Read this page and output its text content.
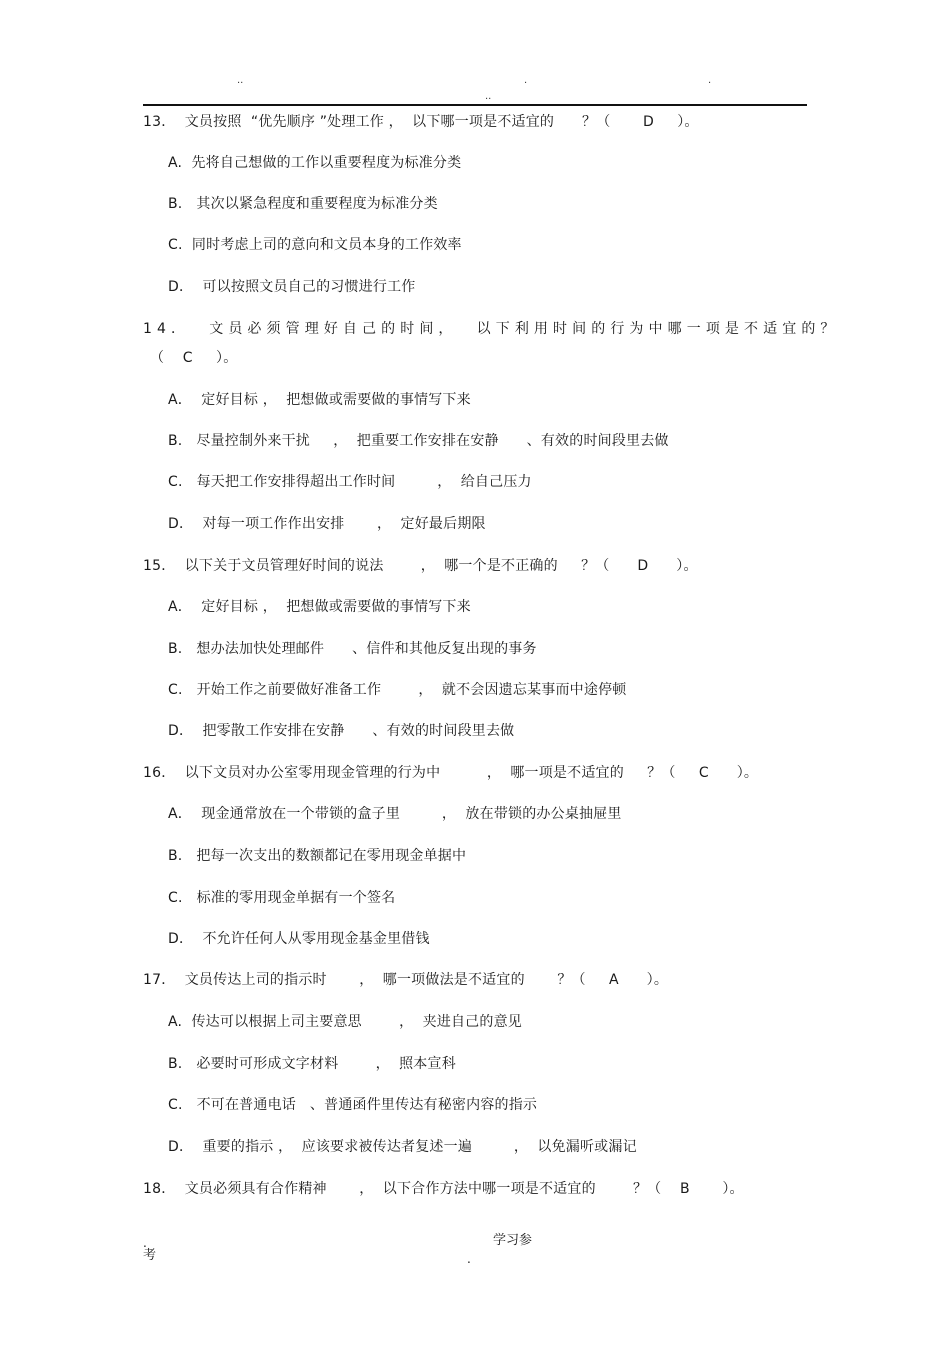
..	.	.
..
13．  文员按照  “优先顺序 ”处理工作 ，  以下哪一项是不适宜的      ？（       D     ）。
A.  先将自己想做的工作以重要程度为标准分类
B.   其次以紧急程度和重要程度为标准分类
C.  同时考虑上司的意向和文员本身的工作效率
D．  可以按照文员自己的习惯进行工作
14．  文员必须管理好自己的时间，  以下利用时间的行为中哪一项是不适宜的？
（    C     ）。
A．  定好目标 ，  把想做或需要做的事情写下来
B.   尽量控制外来干扰     ，  把重要工作安排在安静      、有效的时间段里去做
C.   每天把工作安排得超出工作时间         ，  给自己压力
D．  对每一项工作作出安排       ，  定好最后期限
15．  以下关于文员管理好时间的说法        ，  哪一个是不正确的     ？（      D      ）。
A．  定好目标 ，  把想做或需要做的事情写下来
B.   想办法加快处理邮件      、信件和其他反复出现的事务
C.   开始工作之前要做好准备工作        ，  就不会因遗忘某事而中途停顿
D．  把零散工作安排在安静      、有效的时间段里去做
16．  以下文员对办公室零用现金管理的行为中          ，  哪一项是不适宜的     ？（     C      ）。
A．  现金通常放在一个带锁的盒子里         ，  放在带锁的办公桌抽屉里
B.   把每一次支出的数额都记在零用现金单据中
C.   标准的零用现金单据有一个签名
D．  不允许任何人从零用现金基金里借钱
17．  文员传达上司的指示时       ，  哪一项做法是不适宜的       ？（     A      ）。
A.  传达可以根据上司主要意思        ，  夹进自己的意见
B.   必要时可形成文字材料        ，  照本宣科
C.   不可在普通电话   、普通函件里传达有秘密内容的指示
D．  重要的指示 ，  应该要求被传达者复述一遍         ，  以免漏听或漏记
18．  文员必须具有合作精神       ，  以下合作方法中哪一项是不适宜的        ？（    B       ）。
.
考
学习参
.
